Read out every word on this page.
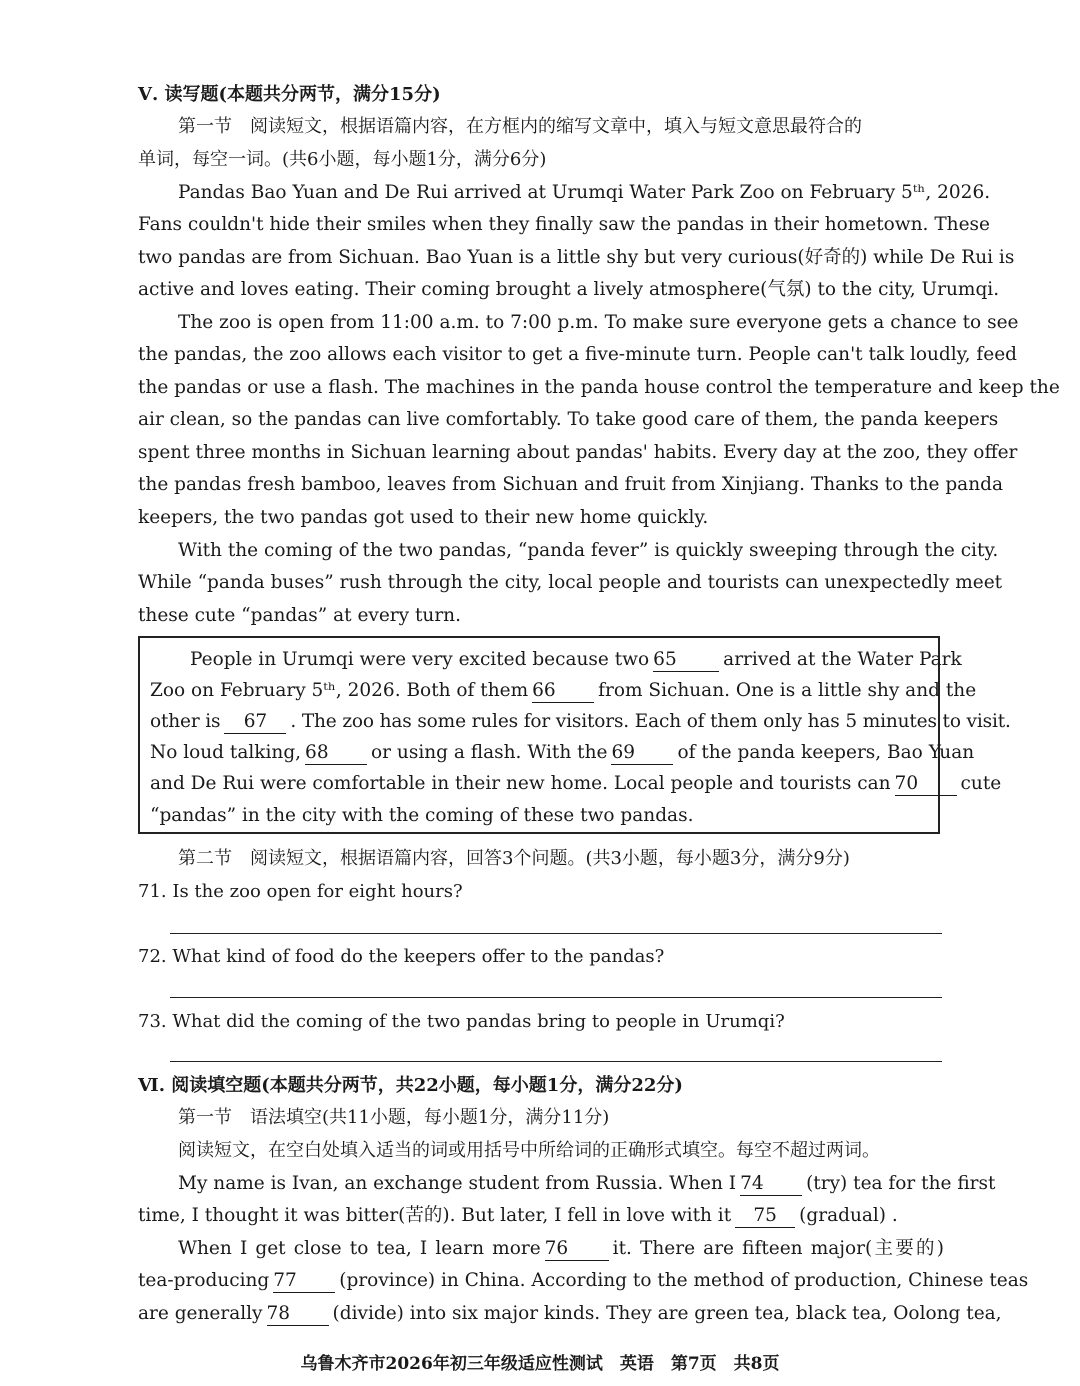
Ⅴ. 读写题(本题共分两节，满分15分)
第一节　阅读短文，根据语篇内容，在方框内的缩写文章中，填入与短文意思最符合的
单词，每空一词。(共6小题，每小题1分，满分6分)
Pandas Bao Yuan and De Rui arrived at Urumqi Water Park Zoo on February 5ᵗʰ, 2026.
Fans couldn't hide their smiles when they finally saw the pandas in their hometown. These
two pandas are from Sichuan. Bao Yuan is a little shy but very curious(好奇的) while De Rui is
active and loves eating. Their coming brought a lively atmosphere(气氛) to the city, Urumqi.
The zoo is open from 11:00 a.m. to 7:00 p.m. To make sure everyone gets a chance to see
the pandas, the zoo allows each visitor to get a five-minute turn. People can't talk loudly, feed
the pandas or use a flash. The machines in the panda house control the temperature and keep the
air clean, so the pandas can live comfortably. To take good care of them, the panda keepers
spent three months in Sichuan learning about pandas' habits. Every day at the zoo, they offer
the pandas fresh bamboo, leaves from Sichuan and fruit from Xinjiang. Thanks to the panda
keepers, the two pandas got used to their new home quickly.
With the coming of the two pandas, “panda fever” is quickly sweeping through the city.
While “panda buses” rush through the city, local people and tourists can unexpectedly meet
these cute “pandas” at every turn.
People in Urumqi were very excited because two 65	arrived at the Water Park
Zoo on February 5ᵗʰ, 2026. Both of them 66 from Sichuan. One is a little shy and the
other is 67 . The zoo has some rules for visitors. Each of them only has 5 minutes to visit.
No loud talking, 68 or using a flash. With the 69 of the panda keepers, Bao Yuan
and De Rui were comfortable in their new home. Local people and tourists can 70 cute
“pandas” in the city with the coming of these two pandas.
第二节　阅读短文，根据语篇内容，回答3个问题。(共3小题，每小题3分，满分9分)
71. Is the zoo open for eight hours?
72. What kind of food do the keepers offer to the pandas?
73. What did the coming of the two pandas bring to people in Urumqi?
Ⅵ. 阅读填空题(本题共分两节，共22小题，每小题1分，满分22分)
第一节　语法填空(共11小题，每小题1分，满分11分)
阅读短文，在空白处填入适当的词或用括号中所给词的正确形式填空。每空不超过两词。
My name is Ivan, an exchange student from Russia. When I 74 (try) tea for the first
time, I thought it was bitter(苦的). But later, I fell in love with it 75 (gradual) .
When I get close to tea, I learn more 76 it. There are fifteen major(主要的)
tea-producing 77 (province) in China. According to the method of production, Chinese teas
are generally 78 (divide) into six major kinds. They are green tea, black tea, Oolong tea,
乌鲁木齐市2026年初三年级适应性测试　英语　第7页　共8页
